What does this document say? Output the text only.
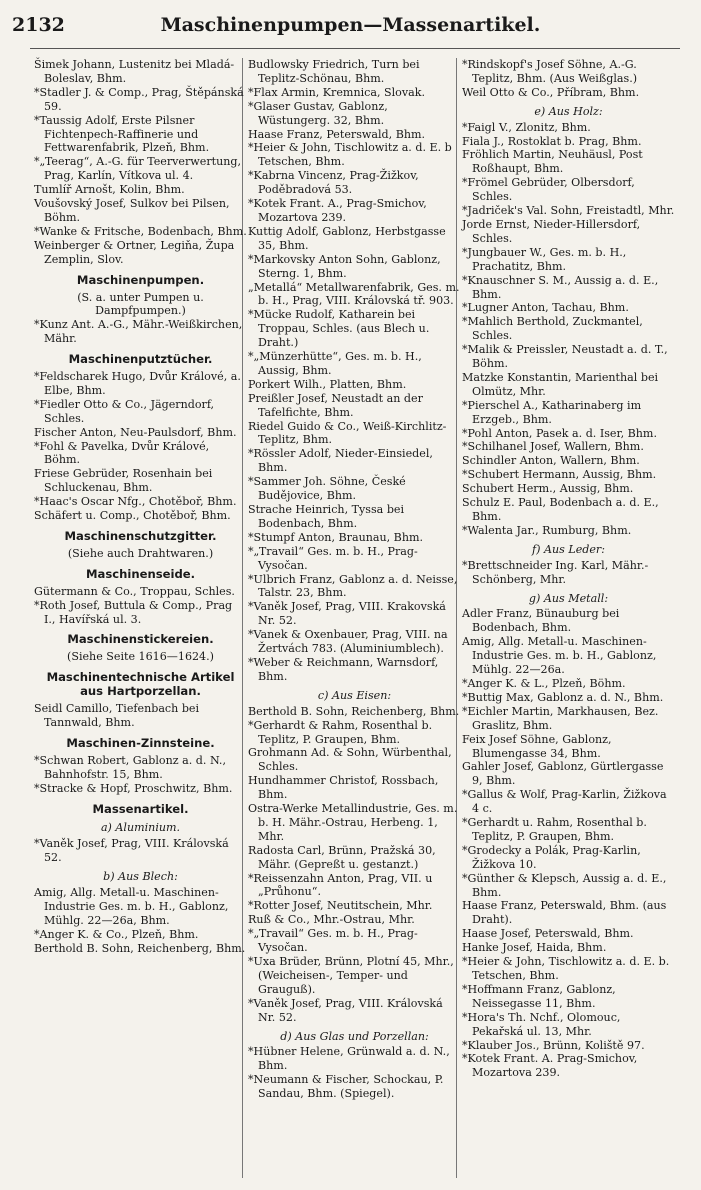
2132	Maschinenpumpen—Massenartikel.

Šimek Johann, Lustenitz bei Mladá-Boleslav, Bhm.

*Stadler J. & Comp., Prag, Štěpánská 59.

*Taussig Adolf, Erste Pilsner Fichtenpech-Raffinerie und Fettwarenfabrik, Plzeň, Bhm.

*„Teerag“, A.-G. für Teerverwertung, Prag, Karlín, Vítkova ul. 4.

Tumlíř Arnošt, Kolin, Bhm.

Voušovský Josef, Sulkov bei Pilsen, Böhm.

*Wanke & Fritsche, Bodenbach, Bhm.

Weinberger & Ortner, Legiňa, Župa Zemplin, Slov.

Maschinenpumpen.

(S. a. unter Pumpen u. Dampfpumpen.)

*Kunz Ant. A.-G., Mähr.-Weißkirchen, Mähr.

Maschinenputztücher.

*Feldscharek Hugo, Dvůr Králové, a. Elbe, Bhm.

*Fiedler Otto & Co., Jägerndorf, Schles.

Fischer Anton, Neu-Paulsdorf, Bhm.

*Fohl & Pavelka, Dvůr Králové, Böhm.

Friese Gebrüder, Rosenhain bei Schluckenau, Bhm.

*Haac's Oscar Nfg., Chotěboř, Bhm.

Schäfert u. Comp., Chotěboř, Bhm.

Maschinenschutzgitter.

(Siehe auch Drahtwaren.)

Maschinenseide.

Gütermann & Co., Troppau, Schles.

*Roth Josef, Buttula & Comp., Prag I., Havířská ul. 3.

Maschinenstickereien.

(Siehe Seite 1616—1624.)

Maschinentechnische Artikel aus Hartporzellan.

Seidl Camillo, Tiefenbach bei Tannwald, Bhm.

Maschinen-Zinnsteine.

*Schwan Robert, Gablonz a. d. N., Bahnhofstr. 15, Bhm.

*Stracke & Hopf, Proschwitz, Bhm.

Massenartikel.

a) Aluminium.

*Vaněk Josef, Prag, VIII. Královská 52.

b) Aus Blech:

Amig, Allg. Metall-u. Maschinen-Industrie Ges. m. b. H., Gablonz, Mühlg. 22—26a, Bhm.

*Anger K. & Co., Plzeň, Bhm.

Berthold B. Sohn, Reichenberg, Bhm.

Budlowsky Friedrich, Turn bei Teplitz-Schönau, Bhm.

*Flax Armin, Kremnica, Slovak.

*Glaser Gustav, Gablonz, Wüstungerg. 32, Bhm.

Haase Franz, Peterswald, Bhm.

*Heier & John, Tischlowitz a. d. E. b Tetschen, Bhm.

*Kabrna Vincenz, Prag-Žižkov, Poděbradová 53.

*Kotek Frant. A., Prag-Smichov, Mozartova 239.

Kuttig Adolf, Gablonz, Herbstgasse 35, Bhm.

*Markovsky Anton Sohn, Gablonz, Sterng. 1, Bhm.

„Metallá“ Metallwarenfabrik, Ges. m. b. H., Prag, VIII. Královská tř. 903.

*Mücke Rudolf, Katharein bei Troppau, Schles. (aus Blech u. Draht.)

*„Münzerhütte“, Ges. m. b. H., Aussig, Bhm.

Porkert Wilh., Platten, Bhm.

Preißler Josef, Neustadt an der Tafelfichte, Bhm.

Riedel Guido & Co., Weiß-Kirchlitz-Teplitz, Bhm.

*Rössler Adolf, Nieder-Einsiedel, Bhm.

*Sammer Joh. Söhne, České Budějovice, Bhm.

Strache Heinrich, Tyssa bei Bodenbach, Bhm.

*Stumpf Anton, Braunau, Bhm.

*„Travail“ Ges. m. b. H., Prag-Vysočan.

*Ulbrich Franz, Gablonz a. d. Neisse, Talstr. 23, Bhm.

*Vaněk Josef, Prag, VIII. Krakovská Nr. 52.

*Vanek & Oxenbauer, Prag, VIII. na Žertvách 783. (Aluminiumblech).

*Weber & Reichmann, Warnsdorf, Bhm.

c) Aus Eisen:

Berthold B. Sohn, Reichenberg, Bhm.

*Gerhardt & Rahm, Rosenthal b. Teplitz, P. Graupen, Bhm.

Grohmann Ad. & Sohn, Würbenthal, Schles.

Hundhammer Christof, Rossbach, Bhm.

Ostra-Werke Metallindustrie, Ges. m. b. H. Mähr.-Ostrau, Herbeng. 1, Mhr.

Radosta Carl, Brünn, Pražská 30, Mähr. (Gepreßt u. gestanzt.)

*Reissenzahn Anton, Prag, VII. u „Průhonu“.

*Rotter Josef, Neutitschein, Mhr.

Ruß & Co., Mhr.-Ostrau, Mhr.

*„Travail“ Ges. m. b. H., Prag-Vysočan.

*Uxa Brüder, Brünn, Plotní 45, Mhr., (Weicheisen-, Temper- und Grauguß).

*Vaněk Josef, Prag, VIII. Královská Nr. 52.

d) Aus Glas und Porzellan:

*Hübner Helene, Grünwald a. d. N., Bhm.

*Neumann & Fischer, Schockau, P. Sandau, Bhm. (Spiegel).

*Rindskopf's Josef Söhne, A.-G. Teplitz, Bhm. (Aus Weißglas.)

Weil Otto & Co., Příbram, Bhm.

e) Aus Holz:

*Faigl V., Zlonitz, Bhm.

Fiala J., Rostoklat b. Prag, Bhm.

Fröhlich Martin, Neuhäusl, Post Roßhaupt, Bhm.

*Frömel Gebrüder, Olbersdorf, Schles.

*Jadriček's Val. Sohn, Freistadtl, Mhr.

Jorde Ernst, Nieder-Hillersdorf, Schles.

*Jungbauer W., Ges. m. b. H., Prachatitz, Bhm.

*Knauschner S. M., Aussig a. d. E., Bhm.

*Lugner Anton, Tachau, Bhm.

*Mahlich Berthold, Zuckmantel, Schles.

*Malik & Preissler, Neustadt a. d. T., Böhm.

Matzke Konstantin, Marienthal bei Olmütz, Mhr.

*Pierschel A., Katharinaberg im Erzgeb., Bhm.

*Pohl Anton, Pasek a. d. Iser, Bhm.

*Schilhanel Josef, Wallern, Bhm.

Schindler Anton, Wallern, Bhm.

*Schubert Hermann, Aussig, Bhm.

Schubert Herm., Aussig, Bhm.

Schulz E. Paul, Bodenbach a. d. E., Bhm.

*Walenta Jar., Rumburg, Bhm.

f) Aus Leder:

*Brettschneider Ing. Karl, Mähr.-Schönberg, Mhr.

g) Aus Metall:

Adler Franz, Bünauburg bei Bodenbach, Bhm.

Amig, Allg. Metall-u. Maschinen-Industrie Ges. m. b. H., Gablonz, Mühlg. 22—26a.

*Anger K. & L., Plzeň, Böhm.

*Buttig Max, Gablonz a. d. N., Bhm.

*Eichler Martin, Markhausen, Bez. Graslitz, Bhm.

Feix Josef Söhne, Gablonz, Blumengasse 34, Bhm.

Gahler Josef, Gablonz, Gürtlergasse 9, Bhm.

*Gallus & Wolf, Prag-Karlin, Žižkova 4 c.

*Gerhardt u. Rahm, Rosenthal b. Teplitz, P. Graupen, Bhm.

*Grodecky a Polák, Prag-Karlin, Žižkova 10.

*Günther & Klepsch, Aussig a. d. E., Bhm.

Haase Franz, Peterswald, Bhm. (aus Draht).

Haase Josef, Peterswald, Bhm.

Hanke Josef, Haida, Bhm.

*Heier & John, Tischlowitz a. d. E. b. Tetschen, Bhm.

*Hoffmann Franz, Gablonz, Neissegasse 11, Bhm.

*Hora's Th. Nchf., Olomouc, Pekařská ul. 13, Mhr.

*Klauber Jos., Brünn, Koliště 97.

*Kotek Frant. A. Prag-Smichov, Mozartova 239.
